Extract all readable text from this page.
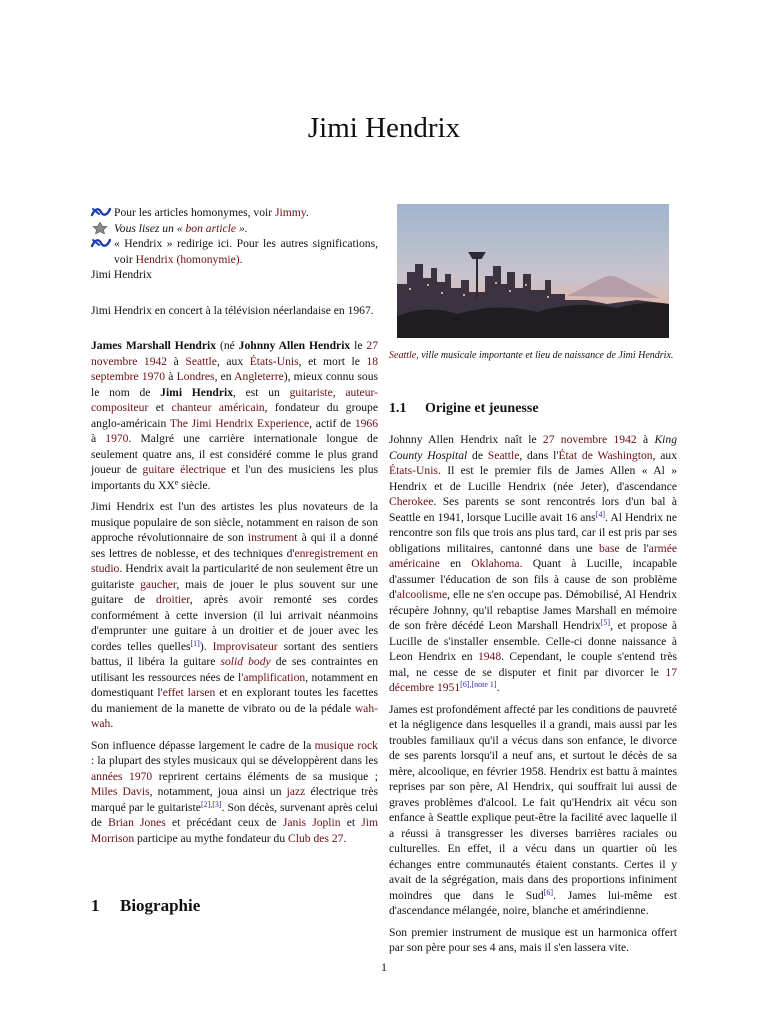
Jimi Hendrix

Pour les articles homonymes, voir Jimmy.

Vous lisez un « bon article ».

« Hendrix » redirige ici. Pour les autres significations, voir Hendrix (homonymie).

Jimi Hendrix

Jimi Hendrix en concert à la télévision néerlandaise en 1967.

James Marshall Hendrix (né Johnny Allen Hendrix le 27 novembre 1942 à Seattle, aux États-Unis, et mort le 18 septembre 1970 à Londres, en Angleterre), mieux connu sous le nom de Jimi Hendrix, est un guitariste, auteur-compositeur et chanteur américain, fondateur du groupe anglo-américain The Jimi Hendrix Experience, actif de 1966 à 1970. Malgré une carrière internationale longue de seulement quatre ans, il est considéré comme le plus grand joueur de guitare électrique et l'un des musiciens les plus importants du XXe siècle.

Jimi Hendrix est l'un des artistes les plus novateurs de la musique populaire de son siècle, notamment en raison de son approche révolutionnaire de son instrument à qui il a donné ses lettres de noblesse, et des techniques d'enregistrement en studio. Hendrix avait la particularité de non seulement être un guitariste gaucher, mais de jouer le plus souvent sur une guitare de droitier, après avoir remonté ses cordes conformément à cette inversion (il lui arrivait néanmoins d'emprunter une guitare à un droitier et de jouer avec les cordes telles quelles[1]). Improvisateur sortant des sentiers battus, il libéra la guitare solid body de ses contraintes en utilisant les ressources nées de l'amplification, notamment en domestiquant l'effet larsen et en explorant toutes les facettes du maniement de la manette de vibrato ou de la pédale wah-wah.

Son influence dépasse largement le cadre de la musique rock : la plupart des styles musicaux qui se développèrent dans les années 1970 reprirent certains éléments de sa musique ; Miles Davis, notamment, joua ainsi un jazz électrique très marqué par le guitariste[2],[3]. Son décès, survenant après celui de Brian Jones et précédant ceux de Janis Joplin et Jim Morrison participe au mythe fondateur du Club des 27.

1 Biographie

Seattle, ville musicale importante et lieu de naissance de Jimi Hendrix.

1.1 Origine et jeunesse

Johnny Allen Hendrix naît le 27 novembre 1942 à King County Hospital de Seattle, dans l'État de Washington, aux États-Unis. Il est le premier fils de James Allen « Al » Hendrix et de Lucille Hendrix (née Jeter), d'ascendance Cherokee. Ses parents se sont rencontrés lors d'un bal à Seattle en 1941, lorsque Lucille avait 16 ans[4]. Al Hendrix ne rencontre son fils que trois ans plus tard, car il est pris par ses obligations militaires, cantonné dans une base de l'armée américaine en Oklahoma. Quant à Lucille, incapable d'assumer l'éducation de son fils à cause de son problème d'alcoolisme, elle ne s'en occupe pas. Démobilisé, Al Hendrix récupère Johnny, qu'il rebaptise James Marshall en mémoire de son frère décédé Leon Marshall Hendrix[5], et propose à Lucille de s'installer ensemble. Celle-ci donne naissance à Leon Hendrix en 1948. Cependant, le couple s'entend très mal, ne cesse de se disputer et finit par divorcer le 17 décembre 1951[6],[note 1].

James est profondément affecté par les conditions de pauvreté et la négligence dans lesquelles il a grandi, mais aussi par les troubles familiaux qu'il a vécus dans son enfance, le divorce de ses parents lorsqu'il a neuf ans, et surtout le décès de sa mère, alcoolique, en février 1958. Hendrix est battu à maintes reprises par son père, Al Hendrix, qui souffrait lui aussi de graves problèmes d'alcool. Le fait qu'Hendrix ait vécu son enfance à Seattle explique peut-être la facilité avec laquelle il a réussi à transgresser les diverses barrières raciales ou culturelles. En effet, il a vécu dans un quartier où les échanges entre communautés étaient constants. Certes il y avait de la ségrégation, mais dans des proportions infiniment moindres que dans le Sud[6]. James lui-même est d'ascendance mélangée, noire, blanche et amérindienne.

Son premier instrument de musique est un harmonica offert par son père pour ses 4 ans, mais il s'en lassera vite.

1
